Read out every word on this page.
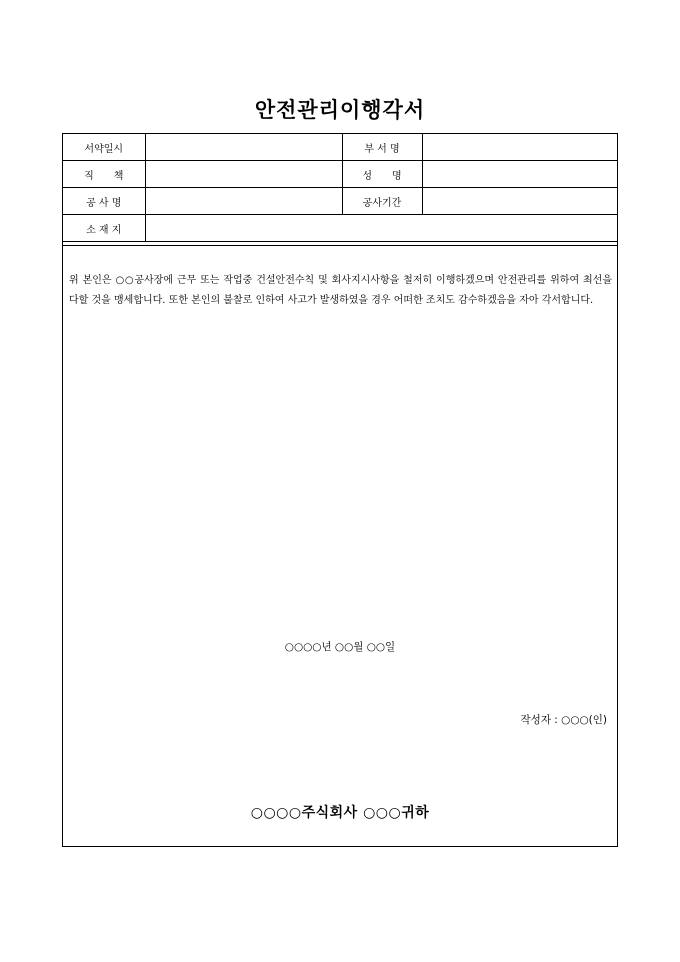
안전관리이행각서
서약일시		부 서 명	
직　　책		성　　명	
공 사 명		공사기간	
소 재 지			
위 본인은 ○○공사장에 근무 또는 작업중 건설안전수칙 및 회사지시사항을 철저히 이행하겠으며 안전관리를 위하여 최선을 다할 것을 맹세합니다. 또한 본인의 불찰로 인하여 사고가 발생하였을 경우 어떠한 조치도 감수하겠음을 자아 각서합니다.
○○○○년 ○○월 ○○일
작성자 : ○○○(인)
○○○○주식회사 ○○○귀하
